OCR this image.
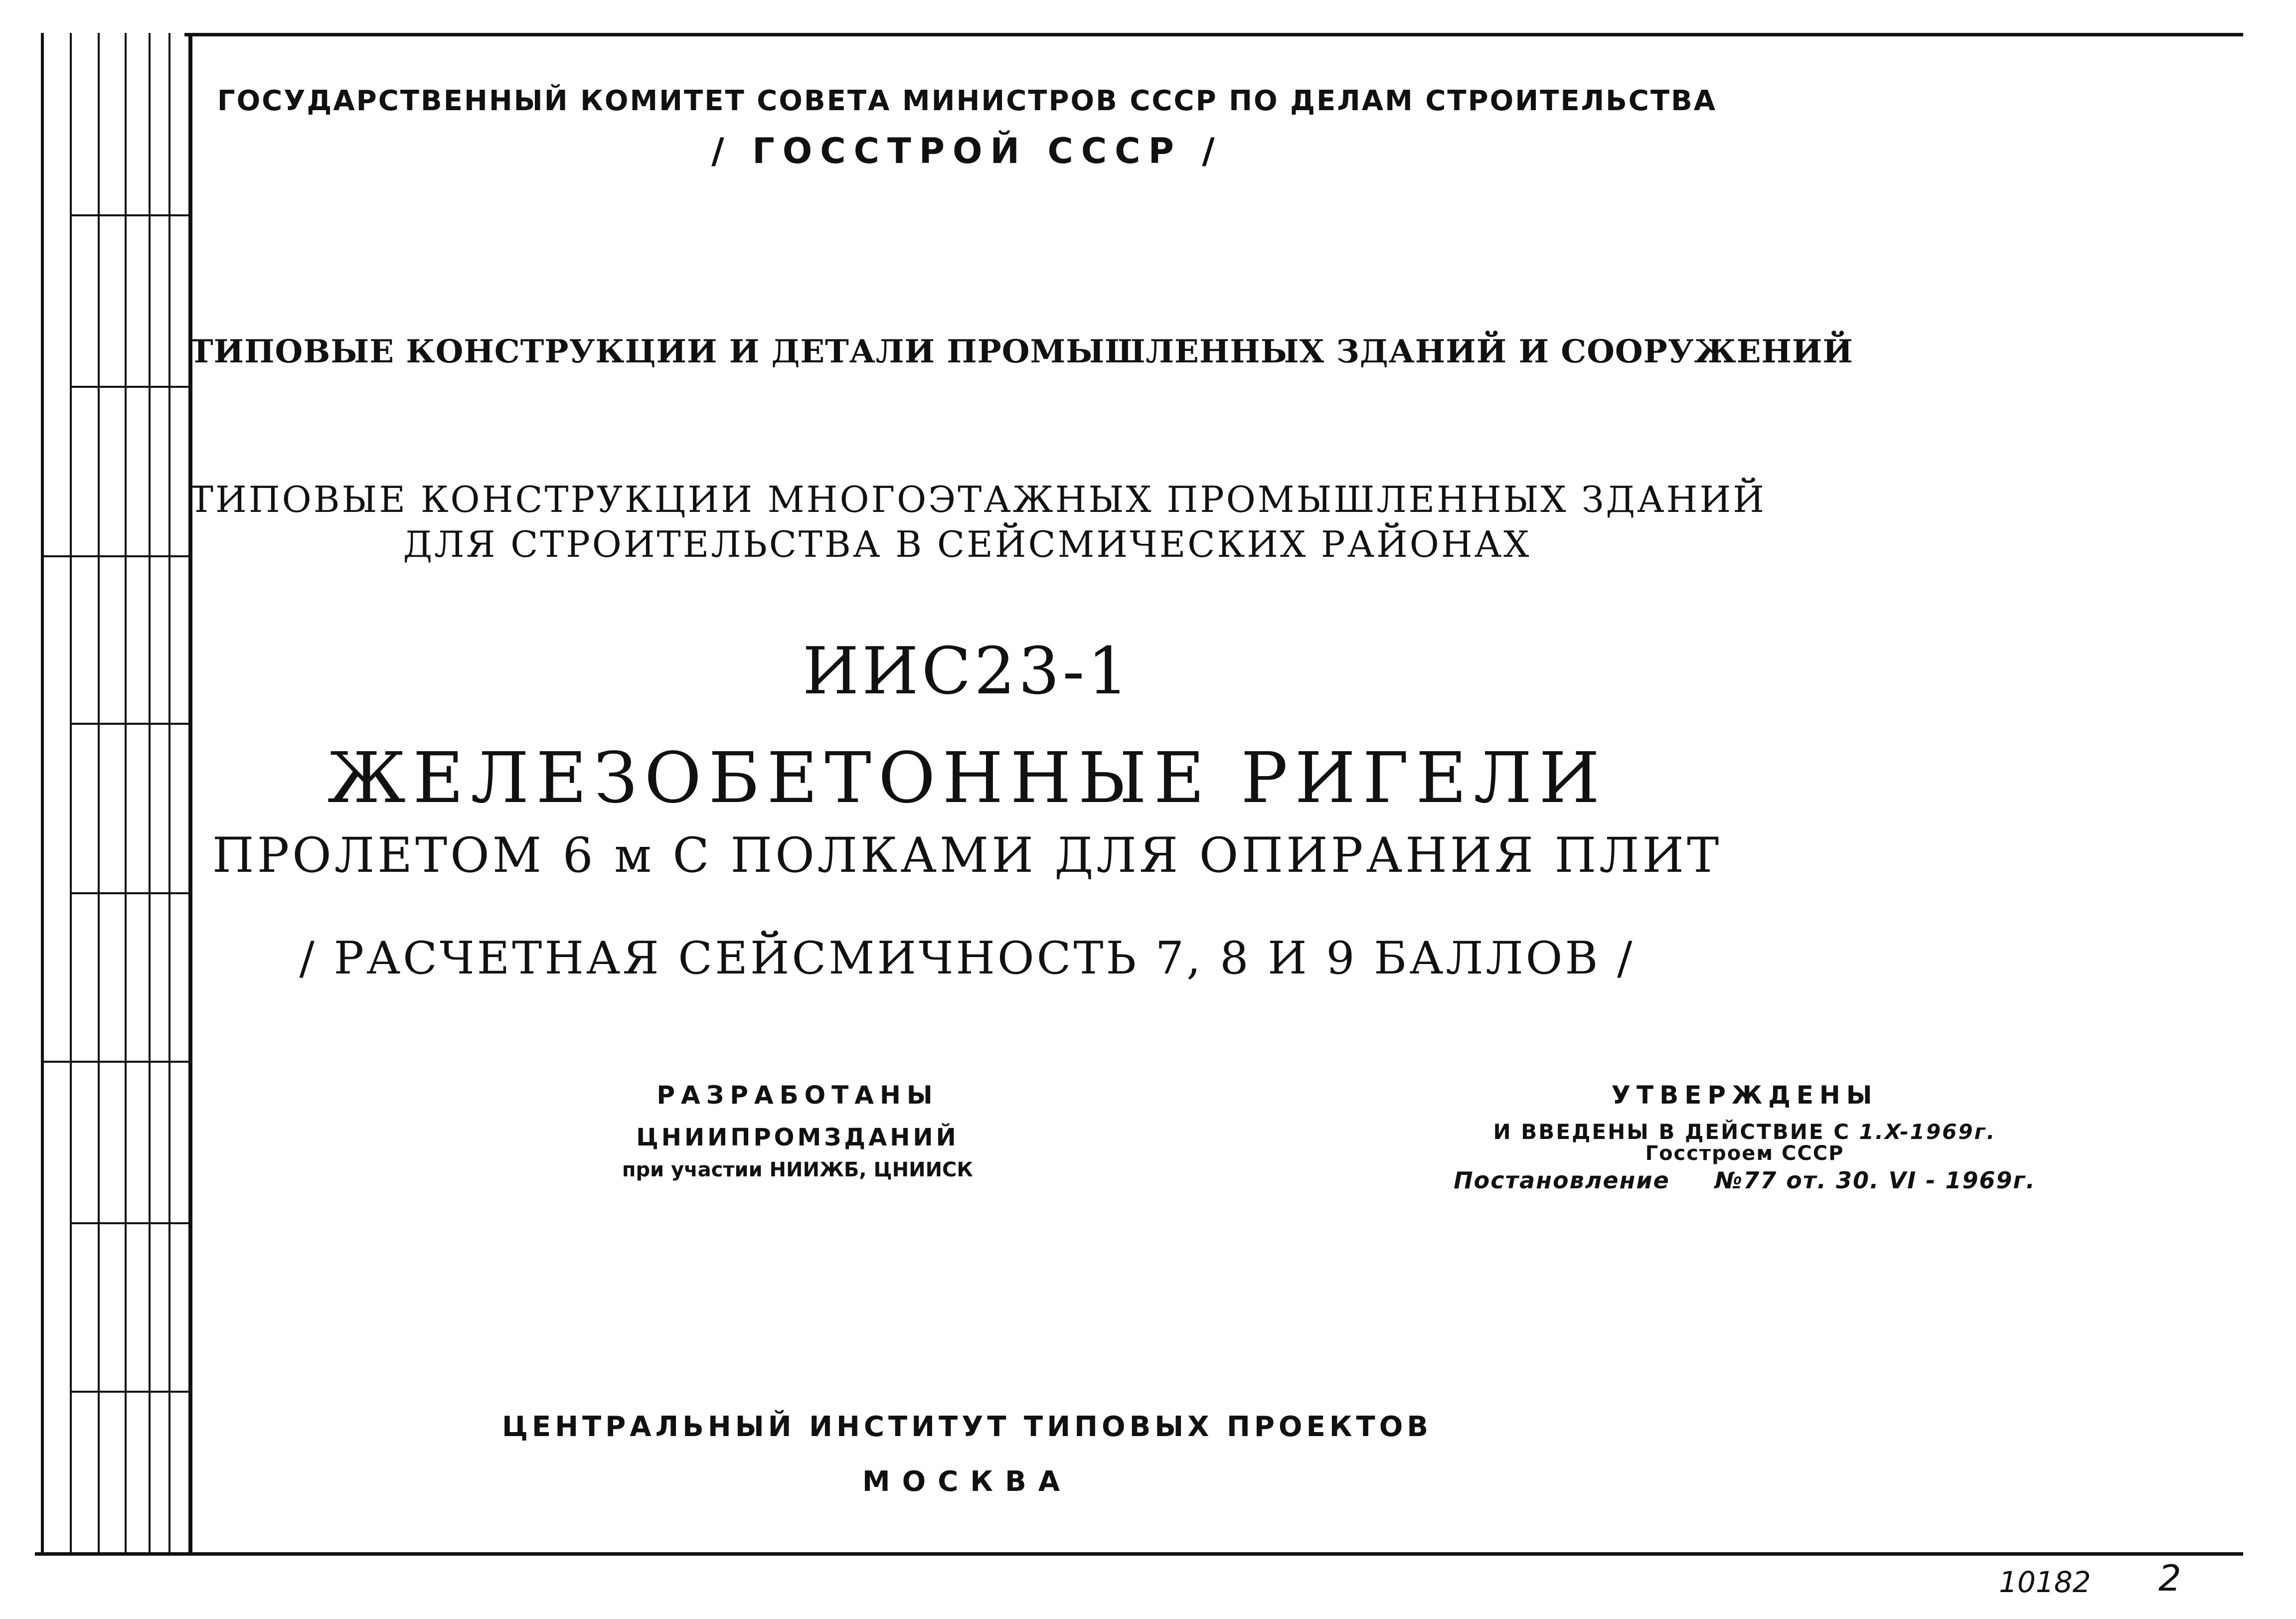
ГОСУДАРСТВЕННЫЙ КОМИТЕТ СОВЕТА МИНИСТРОВ СССР ПО ДЕЛАМ СТРОИТЕЛЬСТВА
/ ГОССТРОЙ СССР /
ТИПОВЫЕ КОНСТРУКЦИИ И ДЕТАЛИ ПРОМЫШЛЕННЫХ ЗДАНИЙ И СООРУЖЕНИЙ
ТИПОВЫЕ КОНСТРУКЦИИ МНОГОЭТАЖНЫХ ПРОМЫШЛЕННЫХ ЗДАНИЙ
ДЛЯ СТРОИТЕЛЬСТВА В СЕЙСМИЧЕСКИХ РАЙОНАХ
ИИС23-1
ЖЕЛЕЗОБЕТОННЫЕ РИГЕЛИ
ПРОЛЕТОМ 6 м С ПОЛКАМИ ДЛЯ ОПИРАНИЯ ПЛИТ
/ РАСЧЕТНАЯ СЕЙСМИЧНОСТЬ 7, 8 И 9 БАЛЛОВ /
РАЗРАБОТАНЫ
ЦНИИПРОМЗДАНИЙ
при участии НИИЖБ, ЦНИИСК
УТВЕРЖДЕНЫ
И ВВЕДЕНЫ В ДЕЙСТВИЕ С 1.X-1969г.
Госстроем СССР
Постановление №77 от. 30. VI - 1969г.
ЦЕНТРАЛЬНЫЙ ИНСТИТУТ ТИПОВЫХ ПРОЕКТОВ
МОСКВА
10182 2
